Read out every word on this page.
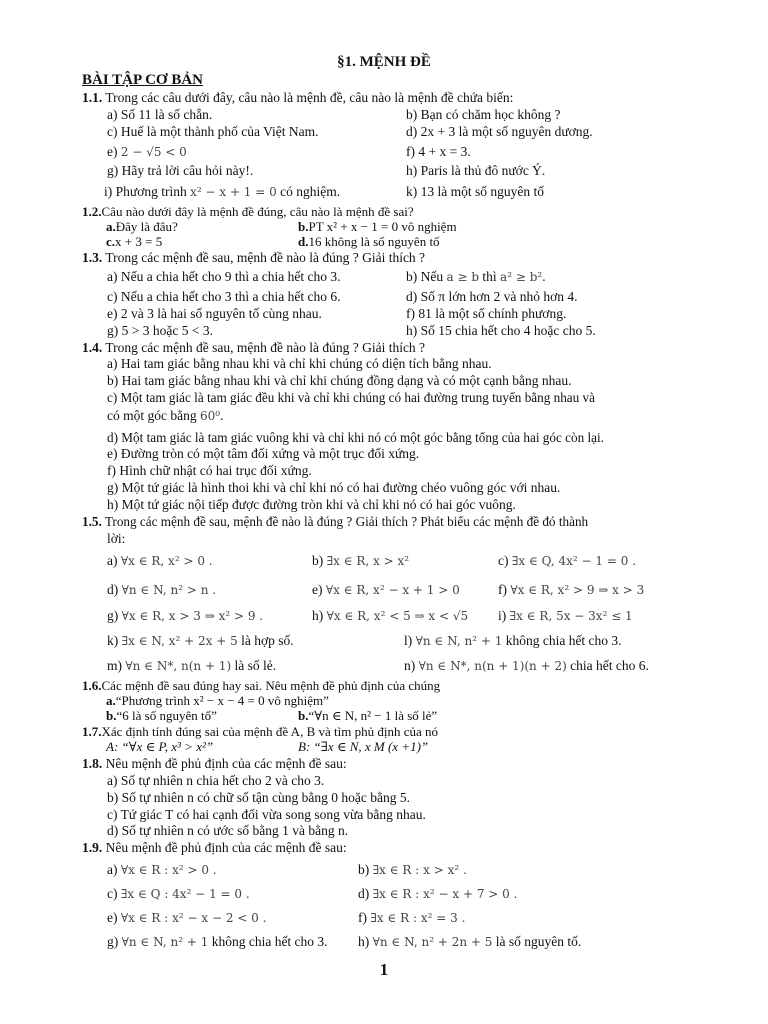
§1. MỆNH ĐỀ
BÀI TẬP CƠ BẢN
1.1. Trong các câu dưới đây, câu nào là mệnh đề, câu nào là mệnh đề chứa biến:
a) Số 11 là số chẵn.	b) Bạn có chăm học không ?
c) Huế là một thành phố của Việt Nam.	d) 2x + 3 là một số nguyên dương.
e) 2 − √5 < 0	f) 4 + x = 3.
g) Hãy trả lời câu hỏi này!.	h) Paris là thủ đô nước Ý.
i) Phương trình x² − x + 1 = 0 có nghiệm.	k) 13 là một số nguyên tố
1.2.Câu nào dưới đây là mệnh đề đúng, câu nào là mệnh đề sai?
a.Đây là đâu?	b.PT x² + x − 1 = 0 vô nghiệm
c.x + 3 = 5	d.16 không là số nguyên tố
1.3. Trong các mệnh đề sau, mệnh đề nào là đúng ? Giải thích ?
a) Nếu a chia hết cho 9 thì a chia hết cho 3.	b) Nếu a ≥ b thì a² ≥ b².
c) Nếu a chia hết cho 3 thì a chia hết cho 6.	d) Số π lớn hơn 2 và nhỏ hơn 4.
e) 2 và 3 là hai số nguyên tố cùng nhau.	f) 81 là một số chính phương.
g) 5 > 3 hoặc 5 < 3.	h) Số 15 chia hết cho 4 hoặc cho 5.
1.4. Trong các mệnh đề sau, mệnh đề nào là đúng ? Giải thích ?
a) Hai tam giác bằng nhau khi và chỉ khi chúng có diện tích bằng nhau.
b) Hai tam giác bằng nhau khi và chỉ khi chúng đồng dạng và có một cạnh bằng nhau.
c) Một tam giác là tam giác đều khi và chỉ khi chúng có hai đường trung tuyến bằng nhau và
có một góc bằng 60⁰.
d) Một tam giác là tam giác vuông khi và chỉ khi nó có một góc bằng tổng của hai góc còn lại.
e) Đường tròn có một tâm đối xứng và một trục đối xứng.
f) Hình chữ nhật có hai trục đối xứng.
g) Một tứ giác là hình thoi khi và chỉ khi nó có hai đường chéo vuông góc với nhau.
h) Một tứ giác nội tiếp được đường tròn khi và chỉ khi nó có hai góc vuông.
1.5. Trong các mệnh đề sau, mệnh đề nào là đúng ? Giải thích ? Phát biểu các mệnh đề đó thành
lời:
a) ∀x ∈ R, x² > 0 .	b) ∃x ∈ R, x > x²	c) ∃x ∈ Q, 4x² − 1 = 0 .
d) ∀n ∈ N, n² > n .	e) ∀x ∈ R, x² − x + 1 > 0	f) ∀x ∈ R, x² > 9 ⇒ x > 3
g) ∀x ∈ R, x > 3 ⇒ x² > 9 .	h) ∀x ∈ R, x² < 5 ⇒ x < √5 i) ∃x ∈ R, 5x − 3x² ≤ 1
k) ∃x ∈ N, x² + 2x + 5 là hợp số.	l) ∀n ∈ N, n² + 1 không chia hết cho 3.
m) ∀n ∈ N*, n(n + 1) là số lẻ.	n) ∀n ∈ N*, n(n + 1)(n + 2) chia hết cho 6.
1.6.Các mệnh đề sau đúng hay sai. Nêu mệnh đề phủ định của chúng
a.“Phương trình x² − x − 4 = 0 vô nghiệm”
b.“6 là số nguyên tố”	b.“∀n ∈ N, n² − 1 là số lẻ”
1.7.Xác định tính đúng sai của mệnh đề A, B và tìm phủ định của nó
A: “∀x ∈ P, x³ > x²”	B: “∃x ∈ N, x M (x +1)”
1.8. Nêu mệnh đề phủ định của các mệnh đề sau:
a) Số tự nhiên n chia hết cho 2 và cho 3.
b) Số tự nhiên n có chữ số tận cùng bằng 0 hoặc bằng 5.
c) Tứ giác T có hai cạnh đối vừa song song vừa bằng nhau.
d) Số tự nhiên n có ước số bằng 1 và bằng n.
1.9. Nêu mệnh đề phủ định của các mệnh đề sau:
a) ∀x ∈ R : x² > 0 .	b) ∃x ∈ R : x > x² .
c) ∃x ∈ Q : 4x² − 1 = 0 .	d) ∃x ∈ R : x² − x + 7 > 0 .
e) ∀x ∈ R : x² − x − 2 < 0 .	f) ∃x ∈ R : x² = 3 .
g) ∀n ∈ N, n² + 1 không chia hết cho 3. h) ∀n ∈ N, n² + 2n + 5 là số nguyên tố.
1
